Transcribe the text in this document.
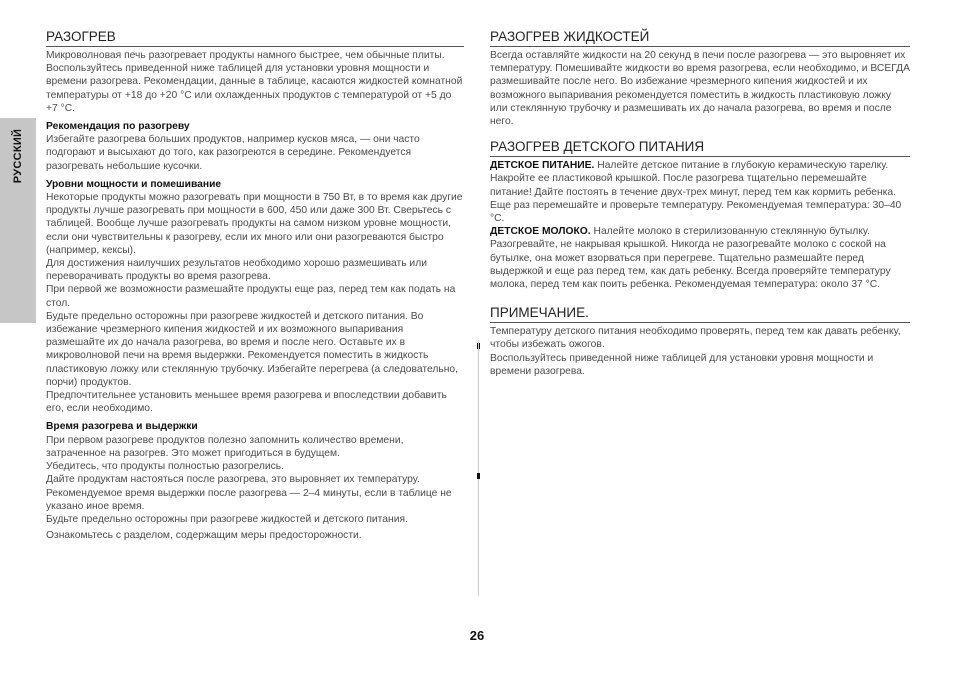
РУССКИЙ
РАЗОГРЕВ

Микроволновая печь разогревает продукты намного быстрее, чем обычные плиты.

Воспользуйтесь приведенной ниже таблицей для установки уровня мощности и времени разогрева. Рекомендации, данные в таблице, касаются жидкостей комнатной температуры от +18 до +20 °C или охлажденных продуктов с температурой от +5 до +7 °C.

Рекомендация по разогреву

Избегайте разогрева больших продуктов, например кусков мяса, — они часто подгорают и высыхают до того, как разогреются в середине. Рекомендуется разогревать небольшие кусочки.

Уровни мощности и помешивание

Некоторые продукты можно разогревать при мощности в 750 Вт, в то время как другие продукты лучше разогревать при мощности в 600, 450 или даже 300 Вт. Сверьтесь с таблицей. Вообще лучше разогревать продукты на самом низком уровне мощности, если они чувствительны к разогреву, если их много или они разогреваются быстро (например, кексы).

Для достижения наилучших результатов необходимо хорошо размешивать или переворачивать продукты во время разогрева.

При первой же возможности размешайте продукты еще раз, перед тем как подать на стол.

Будьте предельно осторожны при разогреве жидкостей и детского питания. Во избежание чрезмерного кипения жидкостей и их возможного выпаривания размешайте их до начала разогрева, во время и после него. Оставьте их в микроволновой печи на время выдержки. Рекомендуется поместить в жидкость пластиковую ложку или стеклянную трубочку. Избегайте перегрева (а следовательно, порчи) продуктов.

Предпочтительнее установить меньшее время разогрева и впоследствии добавить его, если необходимо.

Время разогрева и выдержки

При первом разогреве продуктов полезно запомнить количество времени, затраченное на разогрев. Это может пригодиться в будущем.

Убедитесь, что продукты полностью разогрелись.

Дайте продуктам настояться после разогрева, это выровняет их температуру.

Рекомендуемое время выдержки после разогрева — 2–4 минуты, если в таблице не указано иное время.

Будьте предельно осторожны при разогреве жидкостей и детского питания.

Ознакомьтесь с разделом, содержащим меры предосторожности.

РАЗОГРЕВ ЖИДКОСТЕЙ

Всегда оставляйте жидкости на 20 секунд в печи после разогрева — это выровняет их температуру. Помешивайте жидкости во время разогрева, если необходимо, и ВСЕГДА размешивайте после него. Во избежание чрезмерного кипения жидкостей и их возможного выпаривания рекомендуется поместить в жидкость пластиковую ложку или стеклянную трубочку и размешивать их до начала разогрева, во время и после него.

РАЗОГРЕВ ДЕТСКОГО ПИТАНИЯ

ДЕТСКОЕ ПИТАНИЕ. Налейте детское питание в глубокую керамическую тарелку. Накройте ее пластиковой крышкой. После разогрева тщательно перемешайте питание! Дайте постоять в течение двух-трех минут, перед тем как кормить ребенка. Еще раз перемешайте и проверьте температуру. Рекомендуемая температура: 30–40 °C.

ДЕТСКОЕ МОЛОКО. Налейте молоко в стерилизованную стеклянную бутылку. Разогревайте, не накрывая крышкой. Никогда не разогревайте молоко с соской на бутылке, она может взорваться при перегреве. Тщательно размешайте перед выдержкой и еще раз перед тем, как дать ребенку. Всегда проверяйте температуру молока, перед тем как поить ребенка. Рекомендуемая температура: около 37 °C.

ПРИМЕЧАНИЕ.

Температуру детского питания необходимо проверять, перед тем как давать ребенку, чтобы избежать ожогов.

Воспользуйтесь приведенной ниже таблицей для установки уровня мощности и времени разогрева.

26
